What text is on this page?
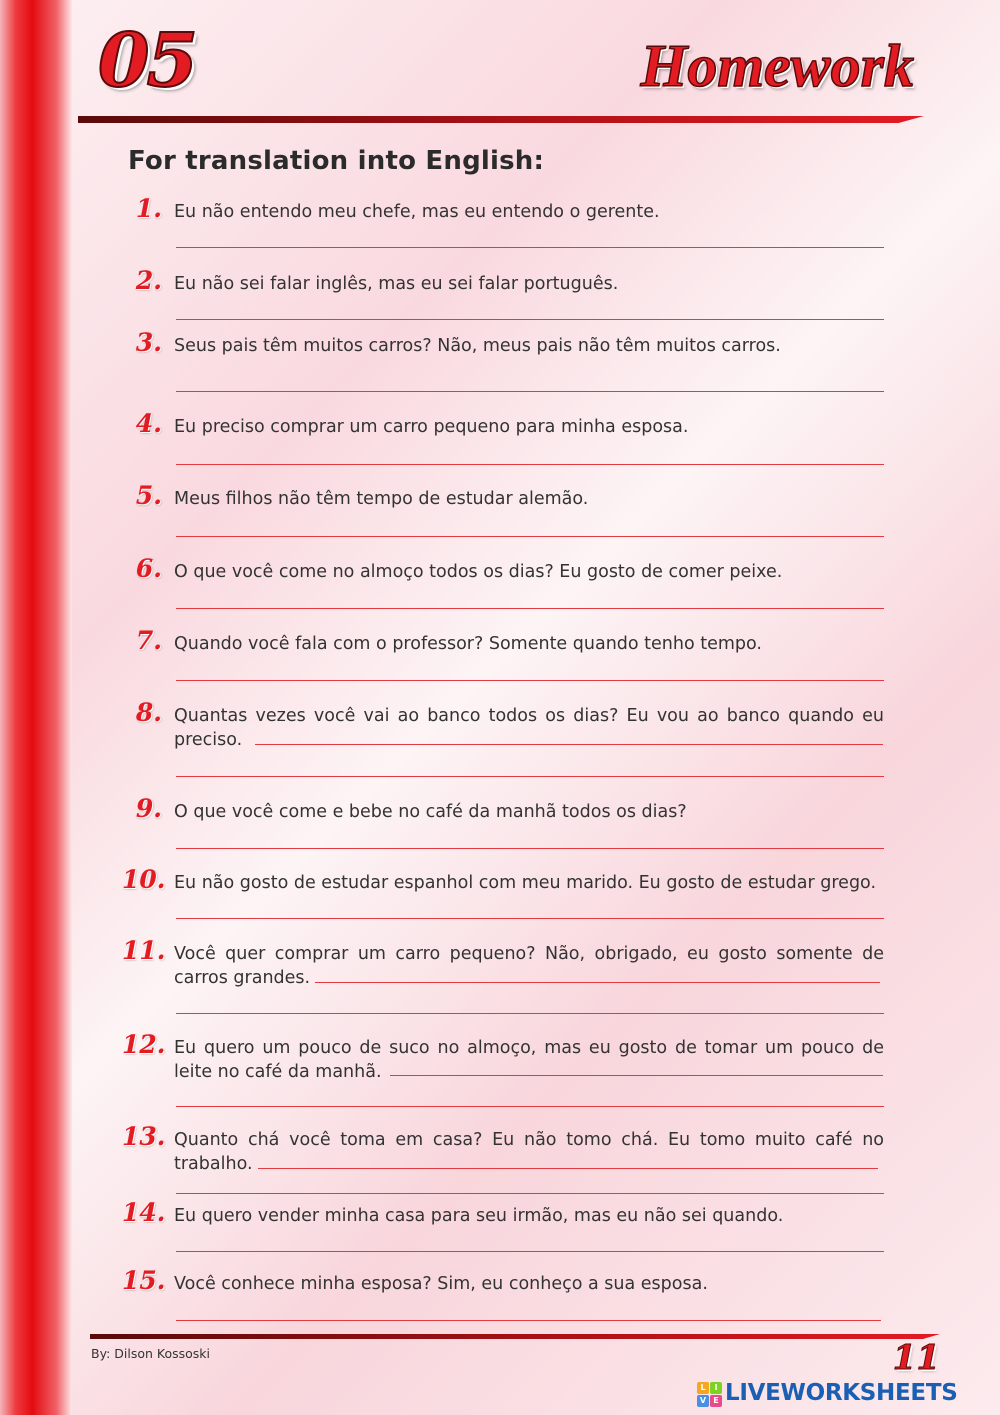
05	Homework
For translation into English:
1. Eu não entendo meu chefe, mas eu entendo o gerente.
2. Eu não sei falar inglês, mas eu sei falar português.
3. Seus pais têm muitos carros? Não, meus pais não têm muitos carros.
4. Eu preciso comprar um carro pequeno para minha esposa.
5. Meus filhos não têm tempo de estudar alemão.
6. O que você come no almoço todos os dias? Eu gosto de comer peixe.
7. Quando você fala com o professor? Somente quando tenho tempo.
8. Quantas vezes você vai ao banco todos os dias? Eu vou ao banco quando eu preciso.
9. O que você come e bebe no café da manhã todos os dias?
10. Eu não gosto de estudar espanhol com meu marido. Eu gosto de estudar grego.
11. Você quer comprar um carro pequeno? Não, obrigado, eu gosto somente de carros grandes.
12. Eu quero um pouco de suco no almoço, mas eu gosto de tomar um pouco de leite no café da manhã.
13. Quanto chá você toma em casa? Eu não tomo chá. Eu tomo muito café no trabalho.
14. Eu quero vender minha casa para seu irmão, mas eu não sei quando.
15. Você conhece minha esposa? Sim, eu conheço a sua esposa.

By: Dilson Kossoski	11

L	I
V E LIVEWORKSHEETS
